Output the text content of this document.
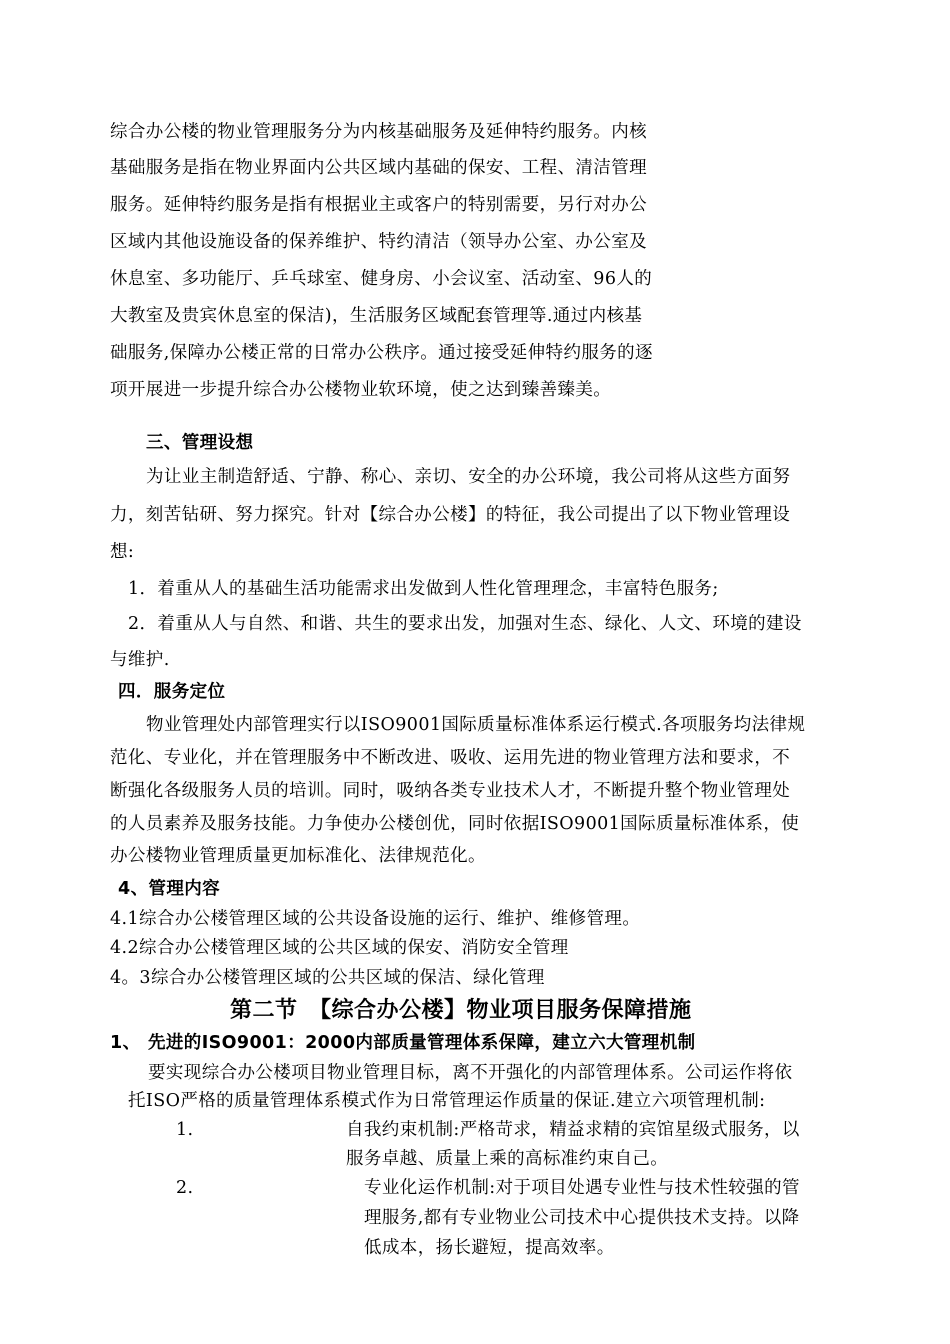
综合办公楼的物业管理服务分为内核基础服务及延伸特约服务。内核
基础服务是指在物业界面内公共区域内基础的保安、工程、清洁管理
服务。延伸特约服务是指有根据业主或客户的特别需要，另行对办公
区域内其他设施设备的保养维护、特约清洁（领导办公室、办公室及
休息室、多功能厅、乒乓球室、健身房、小会议室、活动室、96人的
大教室及贵宾休息室的保洁)，生活服务区域配套管理等.通过内核基
础服务,保障办公楼正常的日常办公秩序。通过接受延伸特约服务的逐
项开展进一步提升综合办公楼物业软环境，使之达到臻善臻美。
三、管理设想
为让业主制造舒适、宁静、称心、亲切、安全的办公环境，我公司将从这些方面努
力，刻苦钻研、努力探究。针对【综合办公楼】的特征，我公司提出了以下物业管理设
想:
1．着重从人的基础生活功能需求出发做到人性化管理理念，丰富特色服务;
2．着重从人与自然、和谐、共生的要求出发，加强对生态、绿化、人文、环境的建设
与维护.
四．服务定位
物业管理处内部管理实行以ISO9001国际质量标准体系运行模式.各项服务均法律规
范化、专业化，并在管理服务中不断改进、吸收、运用先进的物业管理方法和要求，不
断强化各级服务人员的培训。同时，吸纳各类专业技术人才，不断提升整个物业管理处
的人员素养及服务技能。力争使办公楼创优，同时依据ISO9001国际质量标准体系，使
办公楼物业管理质量更加标准化、法律规范化。
4、管理内容
4.1综合办公楼管理区域的公共设备设施的运行、维护、维修管理。
4.2综合办公楼管理区域的公共区域的保安、消防安全管理
4。3综合办公楼管理区域的公共区域的保洁、绿化管理
第二节　【综合办公楼】物业项目服务保障措施
1、 先进的ISO9001：2000内部质量管理体系保障，建立六大管理机制
要实现综合办公楼项目物业管理目标，离不开强化的内部管理体系。公司运作将依
托ISO严格的质量管理体系模式作为日常管理运作质量的保证.建立六项管理机制:
1.	自我约束机制:严格苛求，精益求精的宾馆星级式服务，以
服务卓越、质量上乘的高标准约束自己。
2.	专业化运作机制:对于项目处遇专业性与技术性较强的管
理服务,都有专业物业公司技术中心提供技术支持。以降
低成本，扬长避短，提高效率。
